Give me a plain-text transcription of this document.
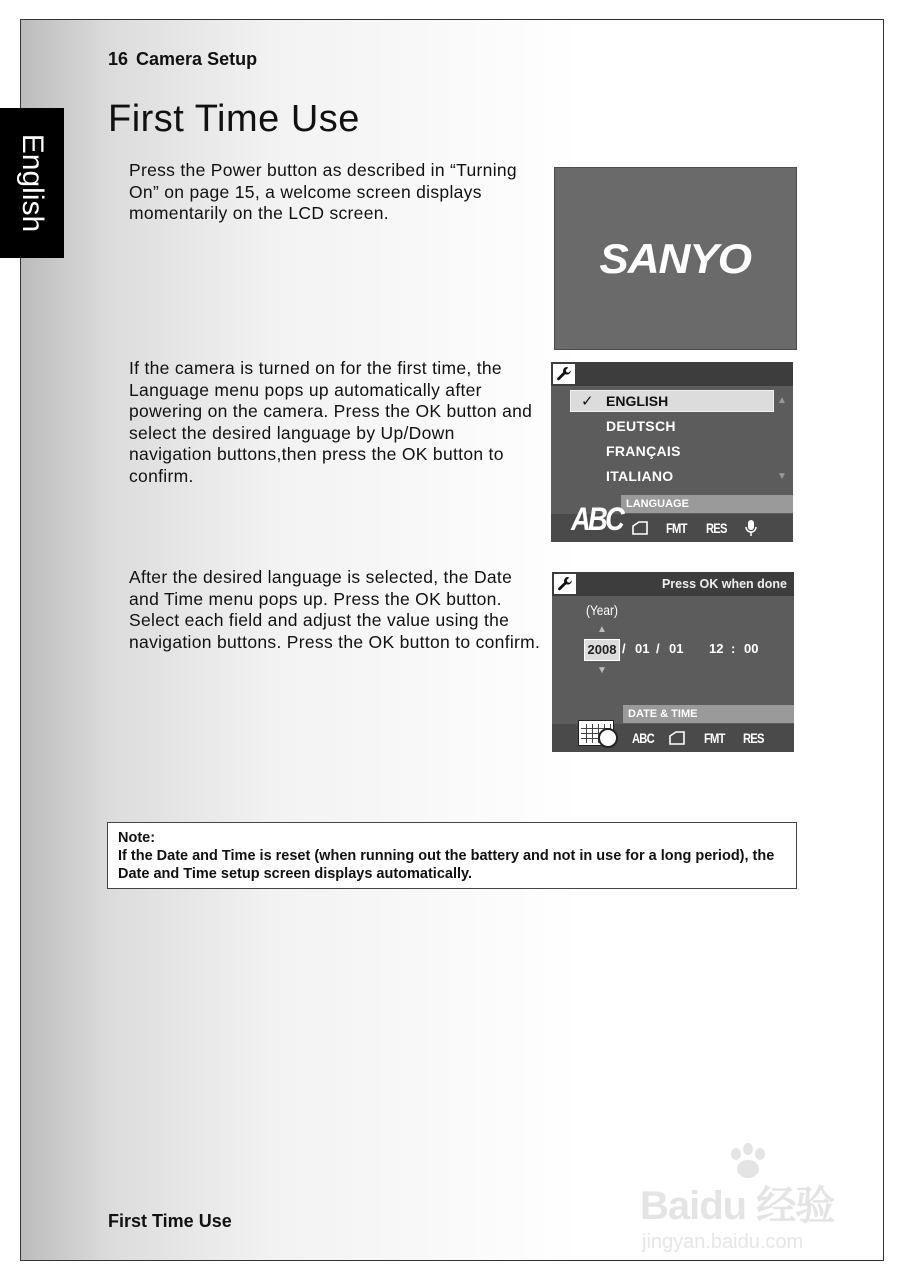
English
16 Camera Setup
First Time Use
Press the Power button as described in “Turning On” on page 15, a welcome screen displays momentarily on the LCD screen.
If the camera is turned on for the first time, the Language menu pops up automatically after powering on the camera. Press the OK button and select the desired language by Up/Down navigation buttons,then press the OK button to confirm.
After the desired language is selected, the Date and Time menu pops up. Press the OK button. Select each field and adjust the value using the navigation buttons. Press the OK button to confirm.
SANYO
✓ ENGLISH	▲
DEUTSCH
FRANÇAIS
ITALIANO	▼
LANGUAGE
ABC	FMT RES
Press OK when done
(Year)
▲
2008 / 01 / 01 12 : 00
▼
DATE & TIME
ABC	FMT RES
Note:
If the Date and Time is reset (when running out the battery and not in use for a long period), the Date and Time setup screen displays automatically.
First Time Use	Baidu 经验
jingyan.baidu.com
